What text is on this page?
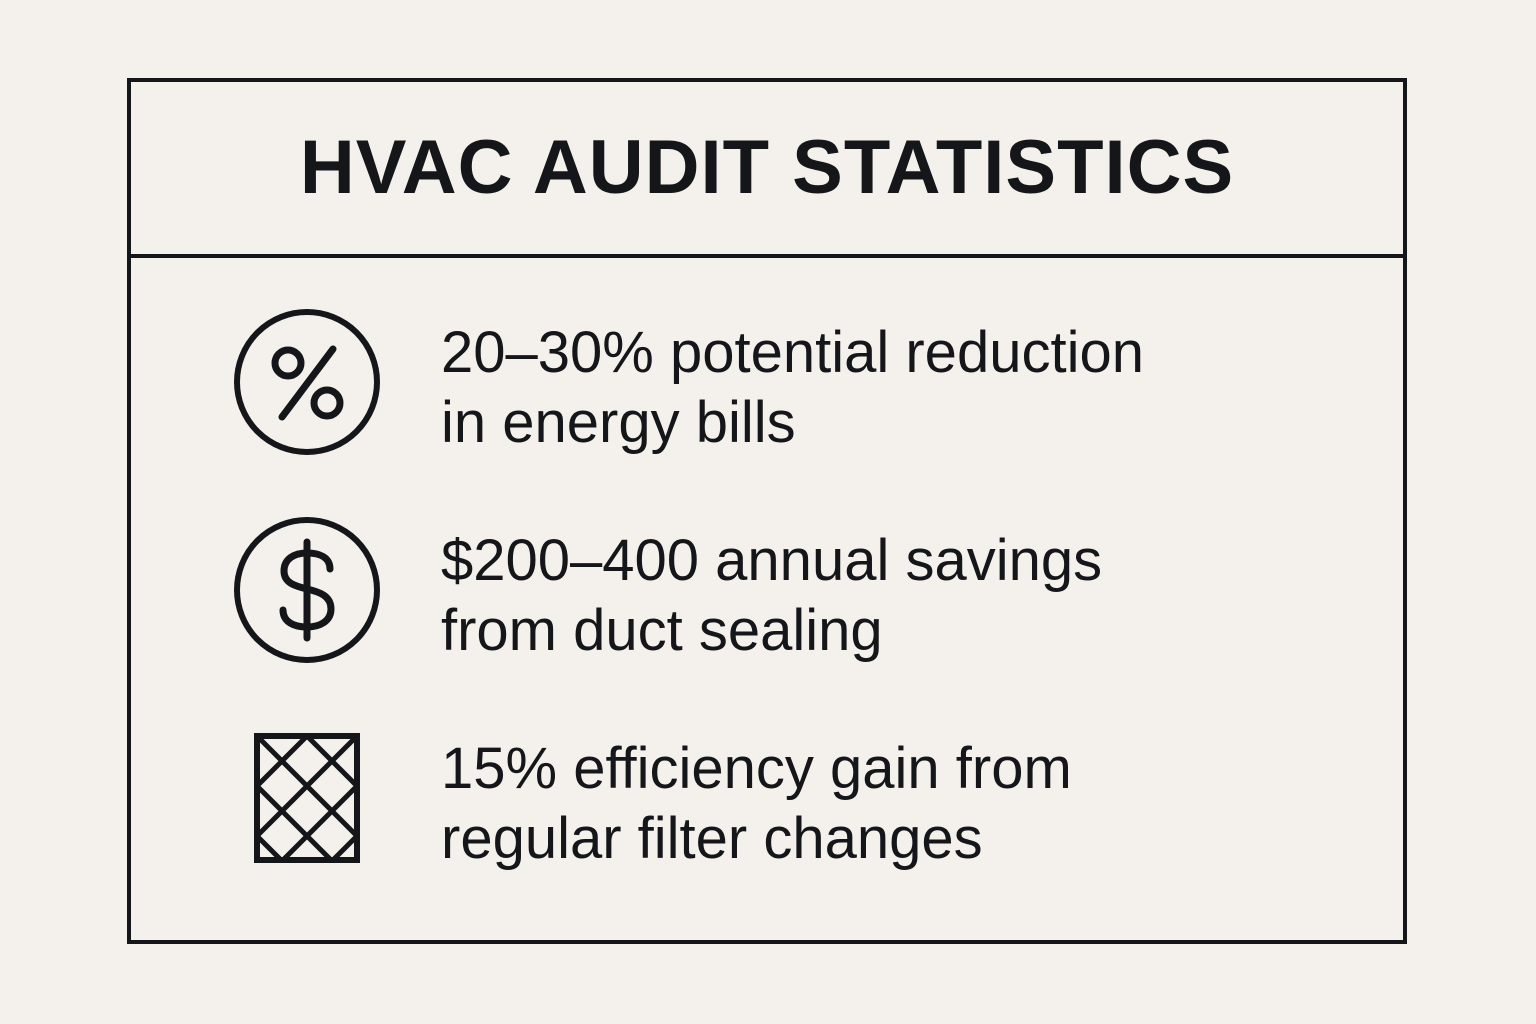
HVAC AUDIT STATISTICS
20–30% potential reduction
in energy bills
$200–400 annual savings
from duct sealing
15% efficiency gain from
regular filter changes
